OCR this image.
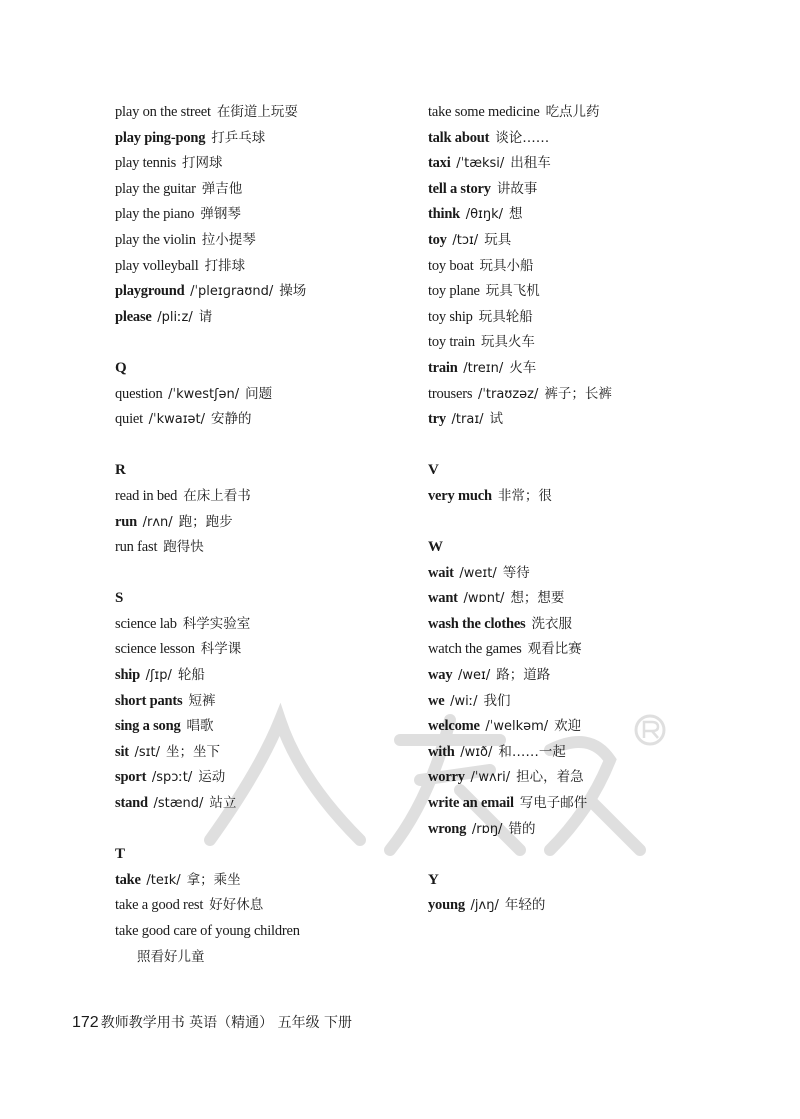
play on the street 在街道上玩耍
play ping-pong 打乒乓球
play tennis 打网球
play the guitar 弹吉他
play the piano 弹钢琴
play the violin 拉小提琴
play volleyball 打排球
playground /ˈpleɪɡraʊnd/ 操场
please /pliːz/ 请
Q
question /ˈkwestʃən/ 问题
quiet /ˈkwaɪət/ 安静的
R
read in bed 在床上看书
run /rʌn/ 跑；跑步
run fast 跑得快
S
science lab 科学实验室
science lesson 科学课
ship /ʃɪp/ 轮船
short pants 短裤
sing a song 唱歌
sit /sɪt/ 坐；坐下
sport /spɔːt/ 运动
stand /stænd/ 站立
T
take /teɪk/ 拿；乘坐
take a good rest 好好休息
take good care of young children
照看好儿童
take some medicine 吃点儿药
talk about 谈论……
taxi /ˈtæksi/ 出租车
tell a story 讲故事
think /θɪŋk/ 想
toy /tɔɪ/ 玩具
toy boat 玩具小船
toy plane 玩具飞机
toy ship 玩具轮船
toy train 玩具火车
train /treɪn/ 火车
trousers /ˈtraʊzəz/ 裤子；长裤
try /traɪ/ 试
V
very much 非常；很
W
wait /weɪt/ 等待
want /wɒnt/ 想；想要
wash the clothes 洗衣服
watch the games 观看比赛
way /weɪ/ 路；道路
we /wiː/ 我们
welcome /ˈwelkəm/ 欢迎
with /wɪð/ 和……一起
worry /ˈwʌri/ 担心，着急
write an email 写电子邮件
wrong /rɒŋ/ 错的
Y
young /jʌŋ/ 年轻的
172 教师教学用书 英语（精通） 五年级 下册
